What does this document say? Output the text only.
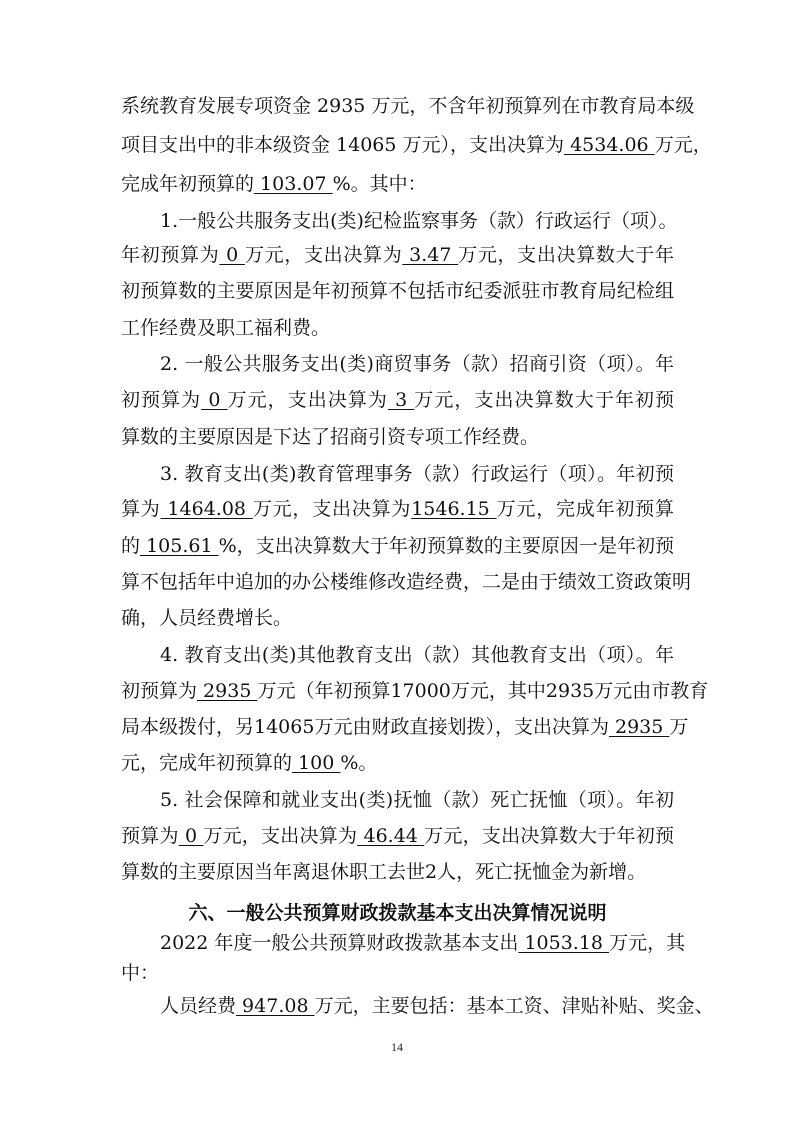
系统教育发展专项资金 2935 万元，不含年初预算列在市教育局本级
项目支出中的非本级资金 14065 万元），支出决算为 4534.06 万元，
完成年初预算的 103.07 %。其中：
1.一般公共服务支出(类)纪检监察事务（款）行政运行（项）。
年初预算为 0 万元，支出决算为 3.47 万元，支出决算数大于年
初预算数的主要原因是年初预算不包括市纪委派驻市教育局纪检组
工作经费及职工福利费。
2. 一般公共服务支出(类)商贸事务（款）招商引资（项）。年
初预算为 0 万元，支出决算为 3 万元，支出决算数大于年初预
算数的主要原因是下达了招商引资专项工作经费。
3. 教育支出(类)教育管理事务（款）行政运行（项）。年初预
算为 1464.08 万元，支出决算为1546.15 万元，完成年初预算
的 105.61 %，支出决算数大于年初预算数的主要原因一是年初预
算不包括年中追加的办公楼维修改造经费，二是由于绩效工资政策明
确，人员经费增长。
4. 教育支出(类)其他教育支出（款）其他教育支出（项）。年
初预算为 2935 万元（年初预算17000万元，其中2935万元由市教育
局本级拨付，另14065万元由财政直接划拨），支出决算为 2935 万
元，完成年初预算的 100 %。
5. 社会保障和就业支出(类)抚恤（款）死亡抚恤（项）。年初
预算为 0 万元，支出决算为 46.44 万元，支出决算数大于年初预
算数的主要原因当年离退休职工去世2人，死亡抚恤金为新增。
六、一般公共预算财政拨款基本支出决算情况说明
2022 年度一般公共预算财政拨款基本支出 1053.18 万元，其
中：
人员经费 947.08 万元，主要包括：基本工资、津贴补贴、奖金、
14
